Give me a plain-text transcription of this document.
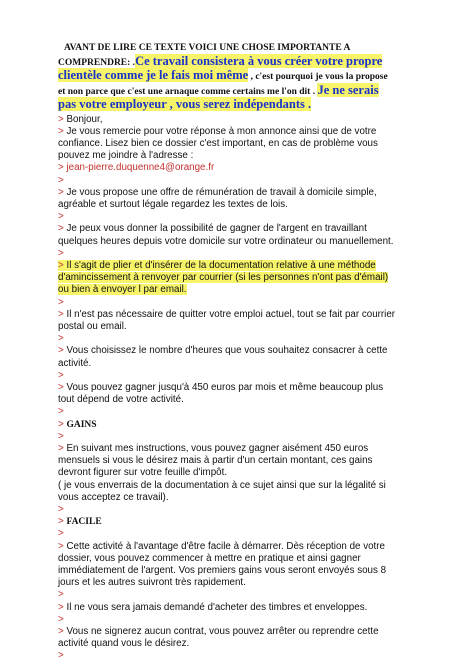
AVANT DE LIRE CE TEXTE VOICI UNE CHOSE IMPORTANTE A
COMPRENDRE: .Ce travail consistera à vous créer votre propre
clientèle comme je le fais moi même , c'est pourquoi je vous la propose
et non parce que c'est une arnaque comme certains me l'on dit . Je ne serais
pas votre employeur , vous serez indépendants .

> Bonjour,

> Je vous remercie pour votre réponse à mon annonce ainsi que de votre
confiance. Lisez bien ce dossier c'est important, en cas de problème vous
pouvez me joindre à l'adresse :

> jean-pierre.duquenne4@orange.fr

>

> Je vous propose une offre de rémunération de travail à domicile simple,
agréable et surtout légale regardez les textes de lois.

>

> Je peux vous donner la possibilité de gagner de l'argent en travaillant
quelques heures depuis votre domicile sur votre ordinateur ou manuellement.

>

> Il s'agit de plier et d'insérer de la documentation relative à une méthode
d'amincissement à renvoyer par courrier (si les personnes n'ont pas d'émail)
ou bien à envoyer l par email.

>

> Il n'est pas nécessaire de quitter votre emploi actuel, tout se fait par courrier
postal ou email.

>

> Vous choisissez le nombre d'heures que vous souhaitez consacrer à cette
activité.

>

> Vous pouvez gagner jusqu'à 450 euros par mois et même beaucoup plus
tout dépend de votre activité.

>

> GAINS

>

> En suivant mes instructions, vous pouvez gagner aisément 450 euros
mensuels si vous le désirez mais à partir d'un certain montant, ces gains
devront figurer sur votre feuille d'impôt.

( je vous enverrais de la documentation à ce sujet ainsi que sur la légalité si
vous acceptez ce travail).

>

> FACILE

>

> Cette activité à l'avantage d'être facile à démarrer. Dès réception de votre
dossier, vous pouvez commencer à mettre en pratique et ainsi gagner
immédiatement de l'argent. Vos premiers gains vous seront envoyés sous 8
jours et les autres suivront très rapidement.

>

> Il ne vous sera jamais demandé d'acheter des timbres et enveloppes.

>

> Vous ne signerez aucun contrat, vous pouvez arrêter ou reprendre cette
activité quand vous le désirez.

>
